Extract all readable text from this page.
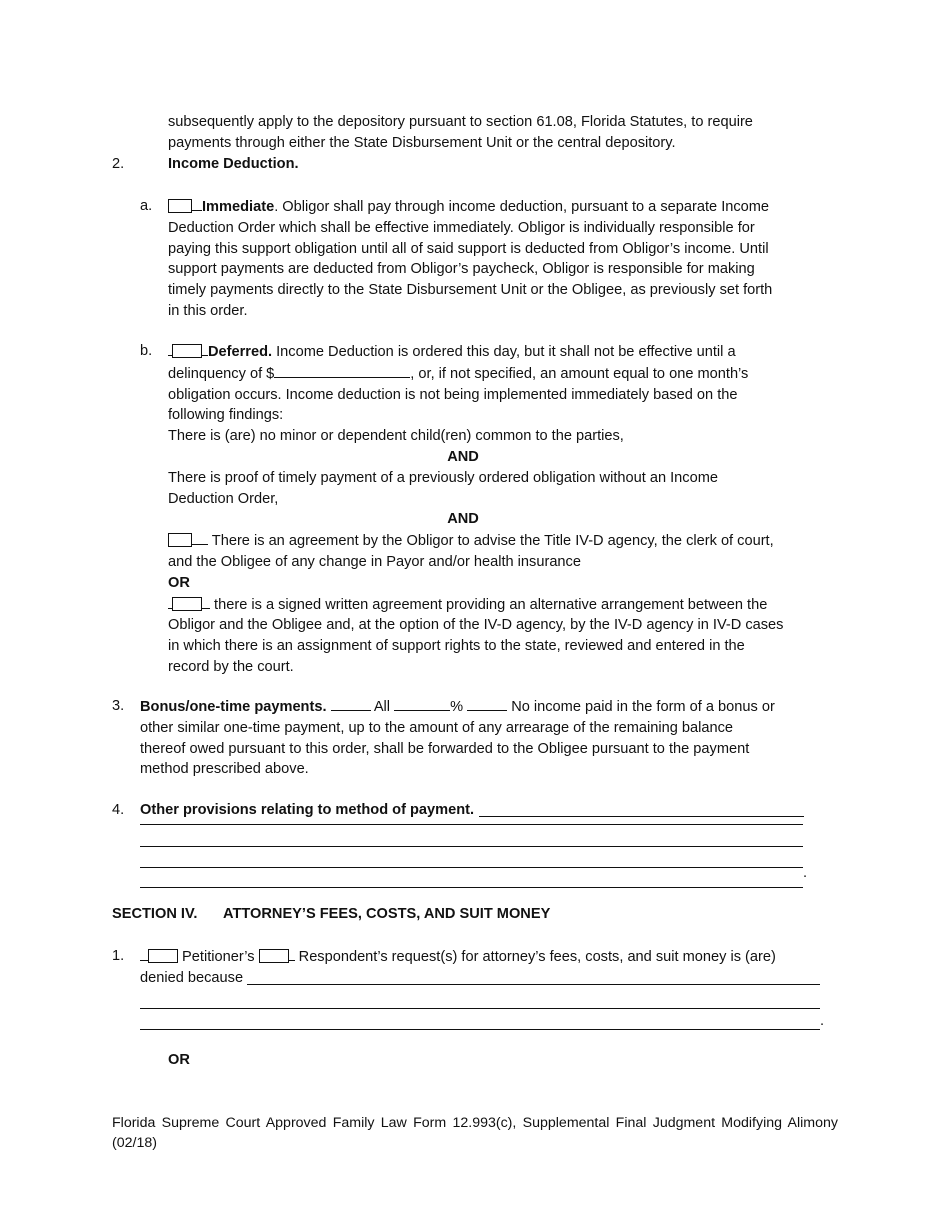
subsequently apply to the depository pursuant to section 61.08, Florida Statutes, to require
payments through either the State Disbursement Unit or the central depository.
2.	Income Deduction.
a.	Immediate. Obligor shall pay through income deduction, pursuant to a separate Income
Deduction Order which shall be effective immediately. Obligor is individually responsible for
paying this support obligation until all of said support is deducted from Obligor’s income. Until
support payments are deducted from Obligor’s paycheck, Obligor is responsible for making
timely payments directly to the State Disbursement Unit or the Obligee, as previously set forth
in this order.
b.	Deferred. Income Deduction is ordered this day, but it shall not be effective until a
delinquency of $	, or, if not specified, an amount equal to one month’s
obligation occurs. Income deduction is not being implemented immediately based on the
following findings:
There is (are) no minor or dependent child(ren) common to the parties,
AND
There is proof of timely payment of a previously ordered obligation without an Income
Deduction Order,
AND
There is an agreement by the Obligor to advise the Title IV-D agency, the clerk of court,
and the Obligee of any change in Payor and/or health insurance
OR
there is a signed written agreement providing an alternative arrangement between the
Obligor and the Obligee and, at the option of the IV-D agency, by the IV-D agency in IV-D cases
in which there is an assignment of support rights to the state, reviewed and entered in the
record by the court.
3. Bonus/one-time payments.	All	%	No income paid in the form of a bonus or
other similar one-time payment, up to the amount of any arrearage of the remaining balance
thereof owed pursuant to this order, shall be forwarded to the Obligee pursuant to the payment
method prescribed above.
4. Other provisions relating to method of payment.
.
SECTION IV. ATTORNEY’S FEES, COSTS, AND SUIT MONEY
1.	Petitioner’s  Respondent’s request(s) for attorney’s fees, costs, and suit money is (are)
denied because
.
OR
Florida Supreme Court Approved Family Law Form 12.993(c), Supplemental Final Judgment Modifying Alimony
(02/18)
